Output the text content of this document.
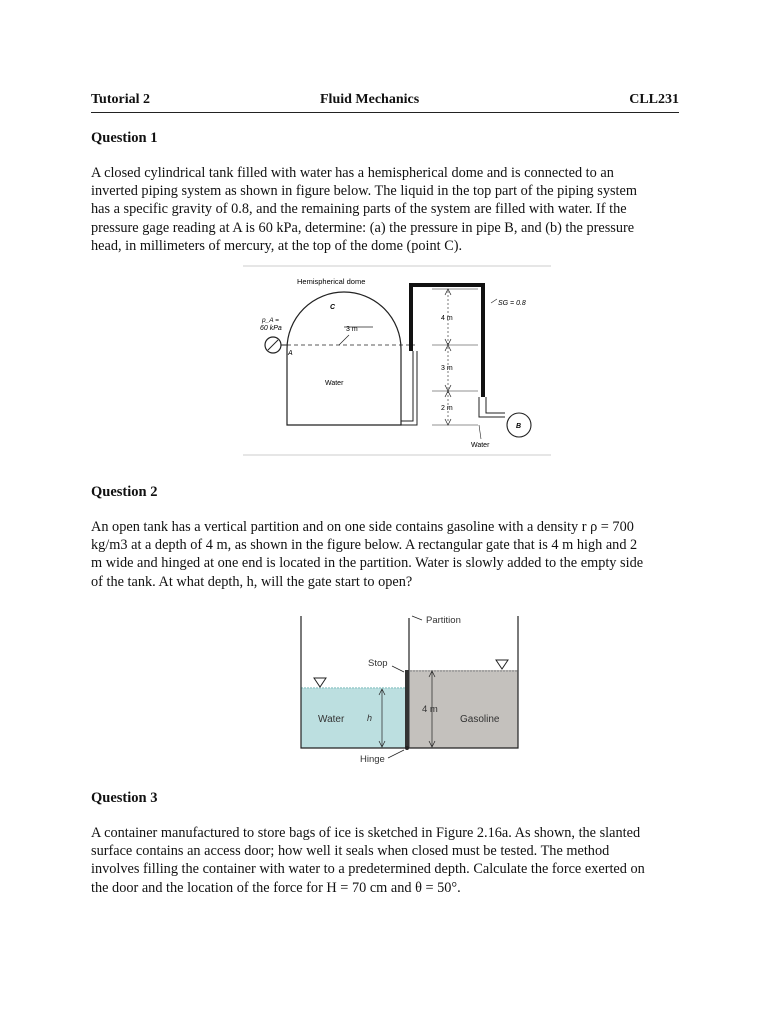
Tutorial 2	Fluid Mechanics	CLL231
Question 1
A closed cylindrical tank filled with water has a hemispherical dome and is connected to an
inverted piping system as shown in figure below. The liquid in the top part of the piping system
has a specific gravity of 0.8, and the remaining parts of the system are filled with water. If the
pressure gage reading at A is 60 kPa, determine: (a) the pressure in pipe B, and (b) the pressure
head, in millimeters of mercury, at the top of the dome (point C).
Hemispherical dome
C
p_A =
60 kPa
A
3 m
Water
4 m
3 m
2 m
SG = 0.8
B
Water
Question 2
An open tank has a vertical partition and on one side contains gasoline with a density r ρ = 700
kg/m3 at a depth of 4 m, as shown in the figure below. A rectangular gate that is 4 m high and 2
m wide and hinged at one end is located in the partition. Water is slowly added to the empty side
of the tank. At what depth, h, will the gate start to open?
Partition
Stop
Water	h
4 m
Gasoline
Hinge
Question 3
A container manufactured to store bags of ice is sketched in Figure 2.16a. As shown, the slanted
surface contains an access door; how well it seals when closed must be tested. The method
involves filling the container with water to a predetermined depth. Calculate the force exerted on
the door and the location of the force for H = 70 cm and θ = 50°.
